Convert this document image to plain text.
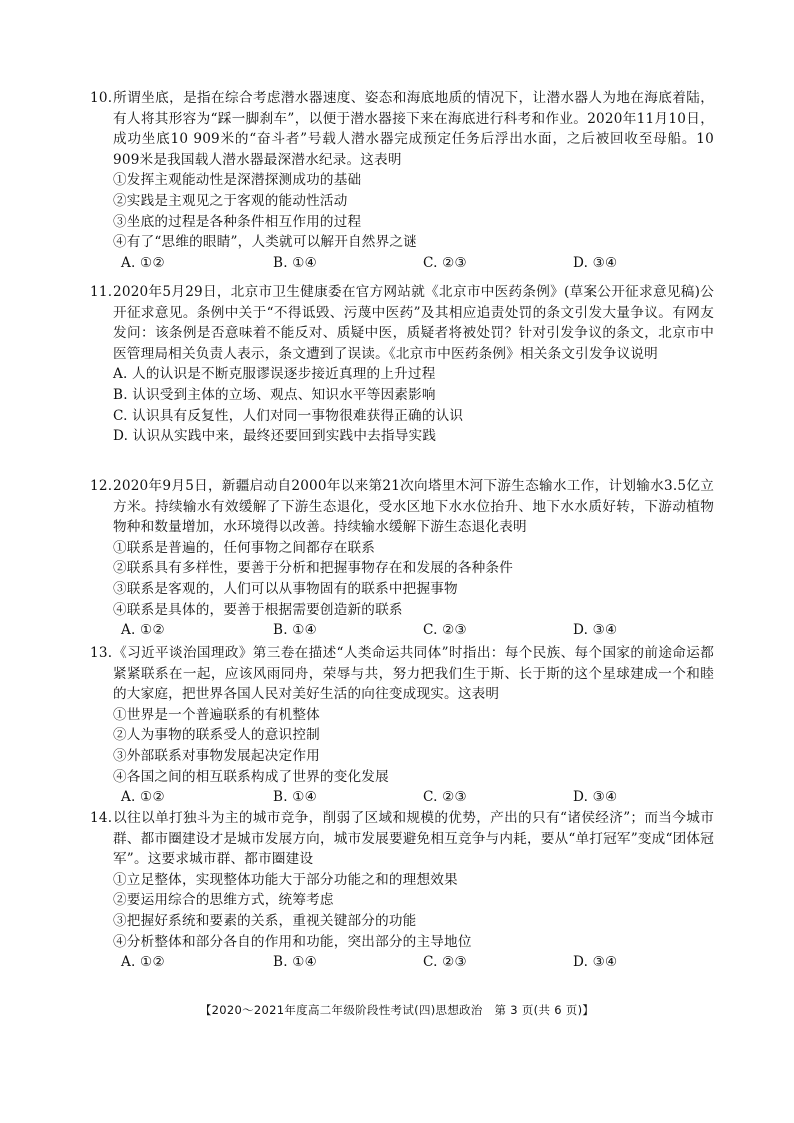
10.所谓坐底，是指在综合考虑潜水器速度、姿态和海底地质的情况下，让潜水器人为地在海底着陆，有人将其形容为“踩一脚刹车”，以便于潜水器接下来在海底进行科考和作业。2020年11月10日，成功坐底10 909米的“奋斗者”号载人潜水器完成预定任务后浮出水面，之后被回收至母船。10 909米是我国载人潜水器最深潜水纪录。这表明

①发挥主观能动性是深潜探测成功的基础

②实践是主观见之于客观的能动性活动

③坐底的过程是各种条件相互作用的过程

④有了“思维的眼睛”，人类就可以解开自然界之谜

A. ①②	B. ①④	C. ②③	D. ③④

11.2020年5月29日，北京市卫生健康委在官方网站就《北京市中医药条例》(草案公开征求意见稿)公开征求意见。条例中关于“不得诋毁、污蔑中医药”及其相应追责处罚的条文引发大量争议。有网友发问：该条例是否意味着不能反对、质疑中医，质疑者将被处罚？针对引发争议的条文，北京市中医管理局相关负责人表示，条文遭到了误读。《北京市中医药条例》相关条文引发争议说明

A. 人的认识是不断克服谬误逐步接近真理的上升过程

B. 认识受到主体的立场、观点、知识水平等因素影响

C. 认识具有反复性，人们对同一事物很难获得正确的认识

D. 认识从实践中来，最终还要回到实践中去指导实践

12.2020年9月5日，新疆启动自2000年以来第21次向塔里木河下游生态输水工作，计划输水3.5亿立方米。持续输水有效缓解了下游生态退化，受水区地下水水位抬升、地下水水质好转，下游动植物物种和数量增加，水环境得以改善。持续输水缓解下游生态退化表明

①联系是普遍的，任何事物之间都存在联系

②联系具有多样性，要善于分析和把握事物存在和发展的各种条件

③联系是客观的，人们可以从事物固有的联系中把握事物

④联系是具体的，要善于根据需要创造新的联系

A. ①②	B. ①④	C. ②③	D. ③④

13.《习近平谈治国理政》第三卷在描述“人类命运共同体”时指出：每个民族、每个国家的前途命运都紧紧联系在一起，应该风雨同舟，荣辱与共，努力把我们生于斯、长于斯的这个星球建成一个和睦的大家庭，把世界各国人民对美好生活的向往变成现实。这表明

①世界是一个普遍联系的有机整体

②人为事物的联系受人的意识控制

③外部联系对事物发展起决定作用

④各国之间的相互联系构成了世界的变化发展

A. ①②	B. ①④	C. ②③	D. ③④

14.以往以单打独斗为主的城市竞争，削弱了区域和规模的优势，产出的只有“诸侯经济”；而当今城市群、都市圈建设才是城市发展方向，城市发展要避免相互竞争与内耗，要从“单打冠军”变成“团体冠军”。这要求城市群、都市圈建设

①立足整体，实现整体功能大于部分功能之和的理想效果

②要运用综合的思维方式，统筹考虑

③把握好系统和要素的关系，重视关键部分的功能

④分析整体和部分各自的作用和功能，突出部分的主导地位

A. ①②	B. ①④	C. ②③	D. ③④
【2020～2021年度高二年级阶段性考试(四)思想政治　第 3 页(共 6 页)】
